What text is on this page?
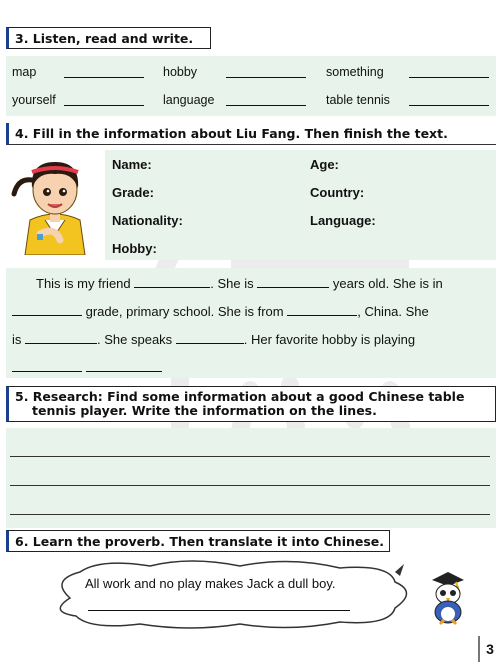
3. Listen, read and write.
map	hobby	something
yourself	language	table tennis
4. Fill in the information about Liu Fang. Then finish the text.
Name:	Age:
Grade:	Country:
Nationality:	Language:
Hobby:
This is my friend	. She is	years old. She is in
grade, primary school. She is from	, China. She
is	. She speaks	. Her favorite hobby is playing

5. Research: Find some information about a good Chinese table
tennis player. Write the information on the lines.
6. Learn the proverb. Then translate it into Chinese.
All work and no play makes Jack a dull boy.
3
